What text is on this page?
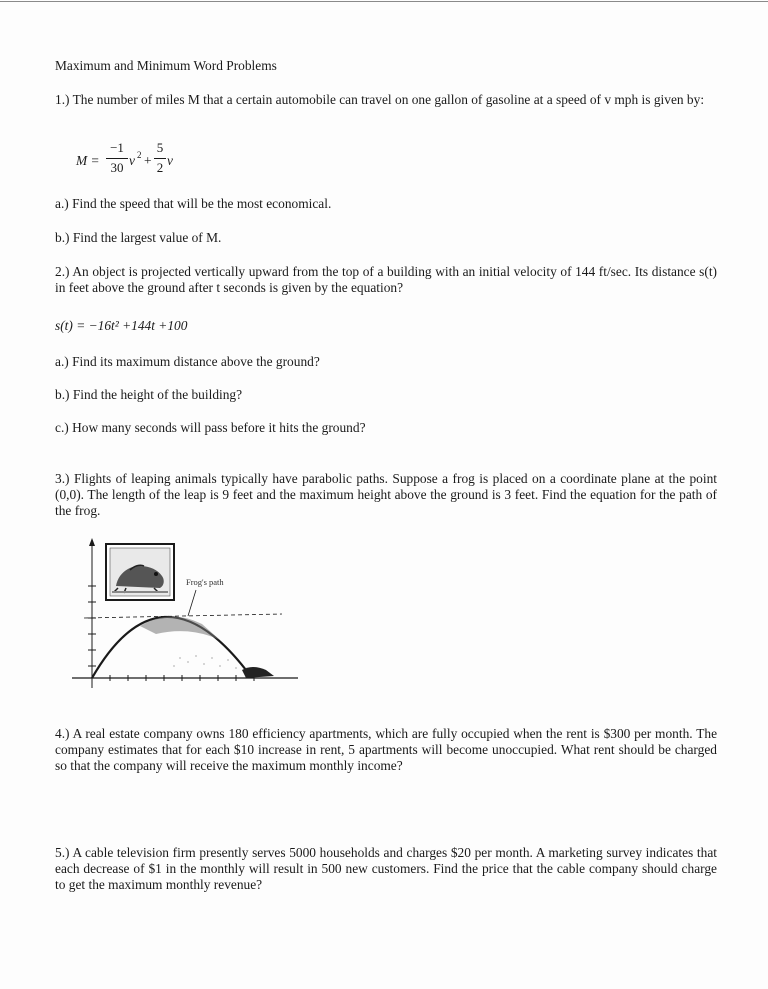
Maximum and Minimum Word Problems
1.) The number of miles M that a certain automobile can travel on one gallon of gasoline at a speed of v mph is given by:
M =
−1
30 v 2 +
5
2 v
a.) Find the speed that will be the most economical.
b.) Find the largest value of M.
2.) An object is projected vertically upward from the top of a building with an initial velocity of 144 ft/sec. Its distance s(t) in feet above the ground after t seconds is given by the equation?
s(t) = −16t² +144t +100
a.) Find its maximum distance above the ground?
b.) Find the height of the building?
c.) How many seconds will pass before it hits the ground?
3.) Flights of leaping animals typically have parabolic paths. Suppose a frog is placed on a coordinate plane at the point (0,0). The length of the leap is 9 feet and the maximum height above the ground is 3 feet. Find the equation for the path of the frog.
Frog's path
4.) A real estate company owns 180 efficiency apartments, which are fully occupied when the rent is $300 per month. The company estimates that for each $10 increase in rent, 5 apartments will become unoccupied. What rent should be charged so that the company will receive the maximum monthly income?
5.) A cable television firm presently serves 5000 households and charges $20 per month. A marketing survey indicates that each decrease of $1 in the monthly will result in 500 new customers. Find the price that the cable company should charge to get the maximum monthly revenue?
